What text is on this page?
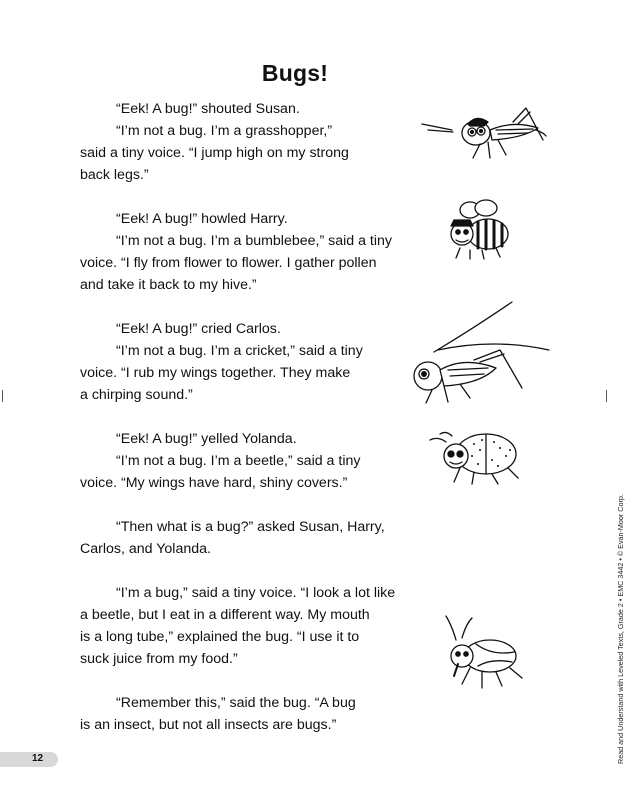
Bugs!
“Eek! A bug!” shouted Susan.
“I’m not a bug. I’m a grasshopper,”
said a tiny voice. “I jump high on my strong
back legs.”
“Eek! A bug!” howled Harry.
“I’m not a bug. I’m a bumblebee,” said a tiny
voice. “I fly from flower to flower. I gather pollen
and take it back to my hive.”
“Eek! A bug!” cried Carlos.
“I’m not a bug. I’m a cricket,” said a tiny
voice. “I rub my wings together. They make
a chirping sound.”
“Eek! A bug!” yelled Yolanda.
“I’m not a bug. I’m a beetle,” said a tiny
voice. “My wings have hard, shiny covers.”
“Then what is a bug?” asked Susan, Harry,
Carlos, and Yolanda.
“I’m a bug,” said a tiny voice. “I look a lot like
a beetle, but I eat in a different way. My mouth
is a long tube,” explained the bug. “I use it to
suck juice from my food.”
“Remember this,” said the bug. “A bug
is an insect, but not all insects are bugs.”	Read and Understand with Leveled Texts, Grade 2 • EMC 3442 • © Evan-Moor Corp.
12
